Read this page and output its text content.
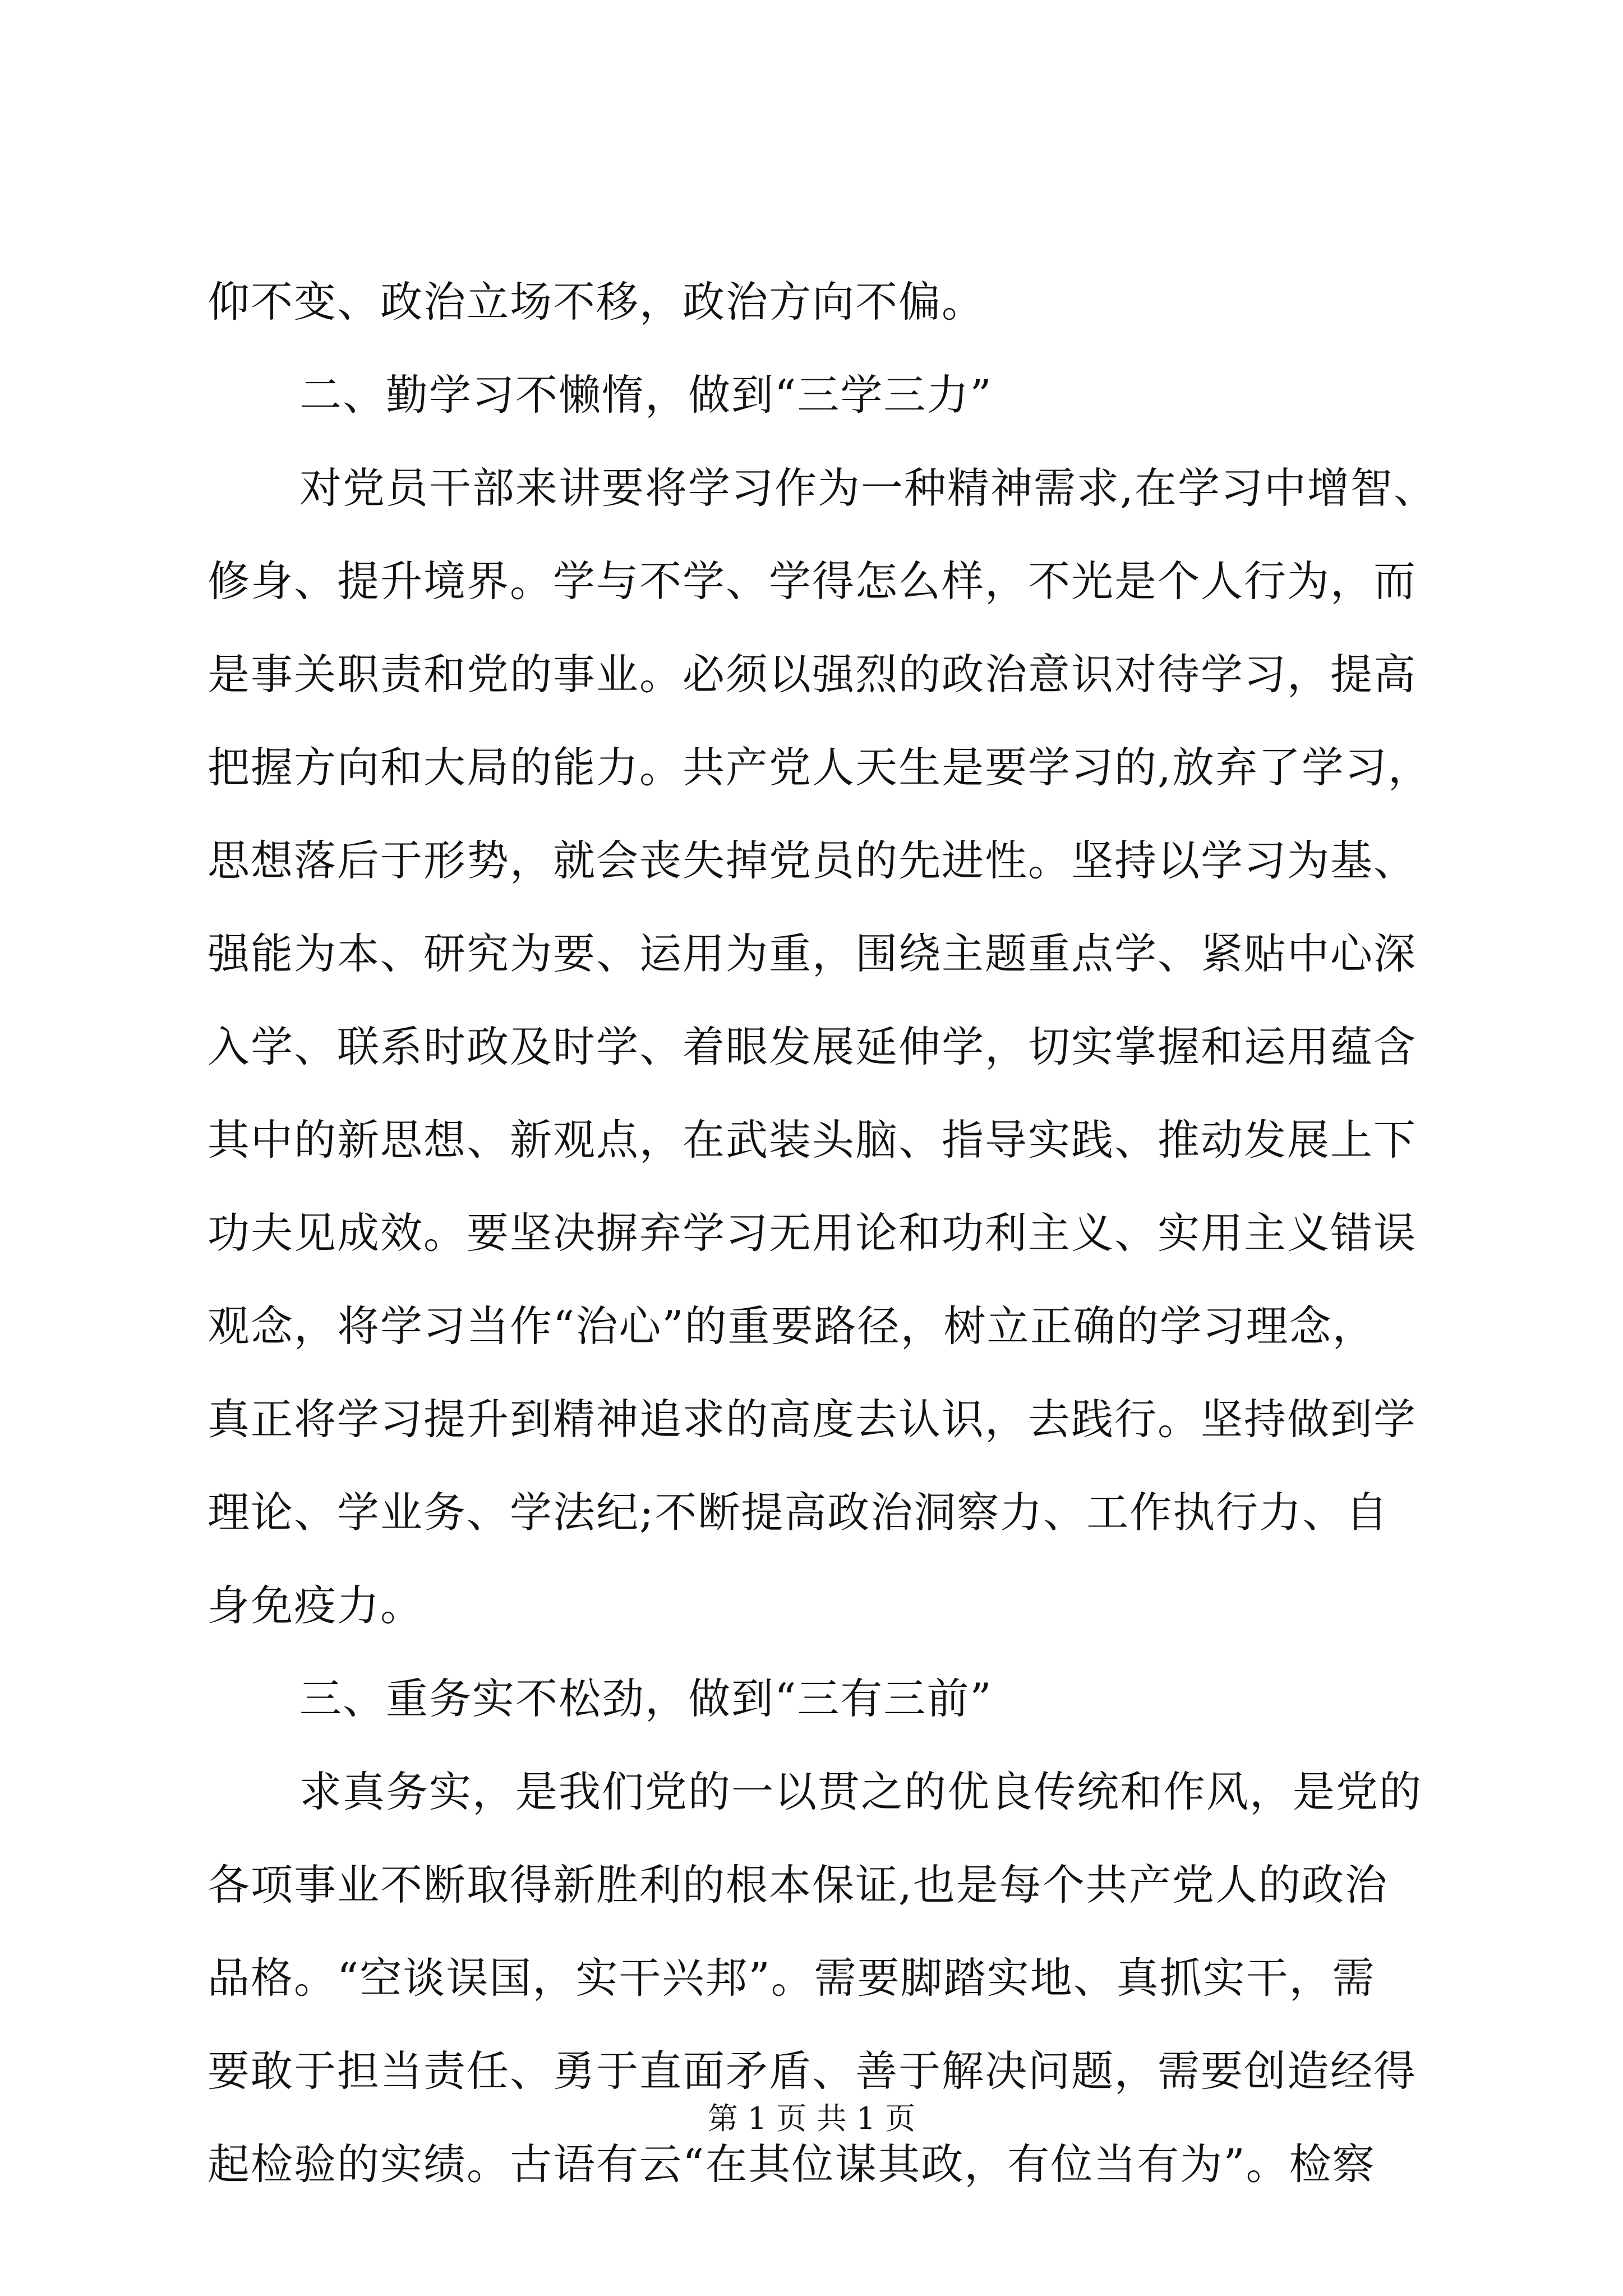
仰不变、政治立场不移，政治方向不偏。
二、勤学习不懒惰，做到“三学三力”
对党员干部来讲要将学习作为一种精神需求,在学习中增智、
修身、提升境界。学与不学、学得怎么样，不光是个人行为，而
是事关职责和党的事业。必须以强烈的政治意识对待学习，提高
把握方向和大局的能力。共产党人天生是要学习的,放弃了学习，
思想落后于形势，就会丧失掉党员的先进性。坚持以学习为基、
强能为本、研究为要、运用为重，围绕主题重点学、紧贴中心深
入学、联系时政及时学、着眼发展延伸学，切实掌握和运用蕴含
其中的新思想、新观点，在武装头脑、指导实践、推动发展上下
功夫见成效。要坚决摒弃学习无用论和功利主义、实用主义错误
观念，将学习当作“治心”的重要路径，树立正确的学习理念，
真正将学习提升到精神追求的高度去认识，去践行。坚持做到学
理论、学业务、学法纪;不断提高政治洞察力、工作执行力、自
身免疫力。
三、重务实不松劲，做到“三有三前”
求真务实，是我们党的一以贯之的优良传统和作风，是党的
各项事业不断取得新胜利的根本保证,也是每个共产党人的政治
品格。“空谈误国，实干兴邦”。需要脚踏实地、真抓实干，需
要敢于担当责任、勇于直面矛盾、善于解决问题，需要创造经得
起检验的实绩。古语有云“在其位谋其政，有位当有为”。检察
第 1 页 共 1 页
